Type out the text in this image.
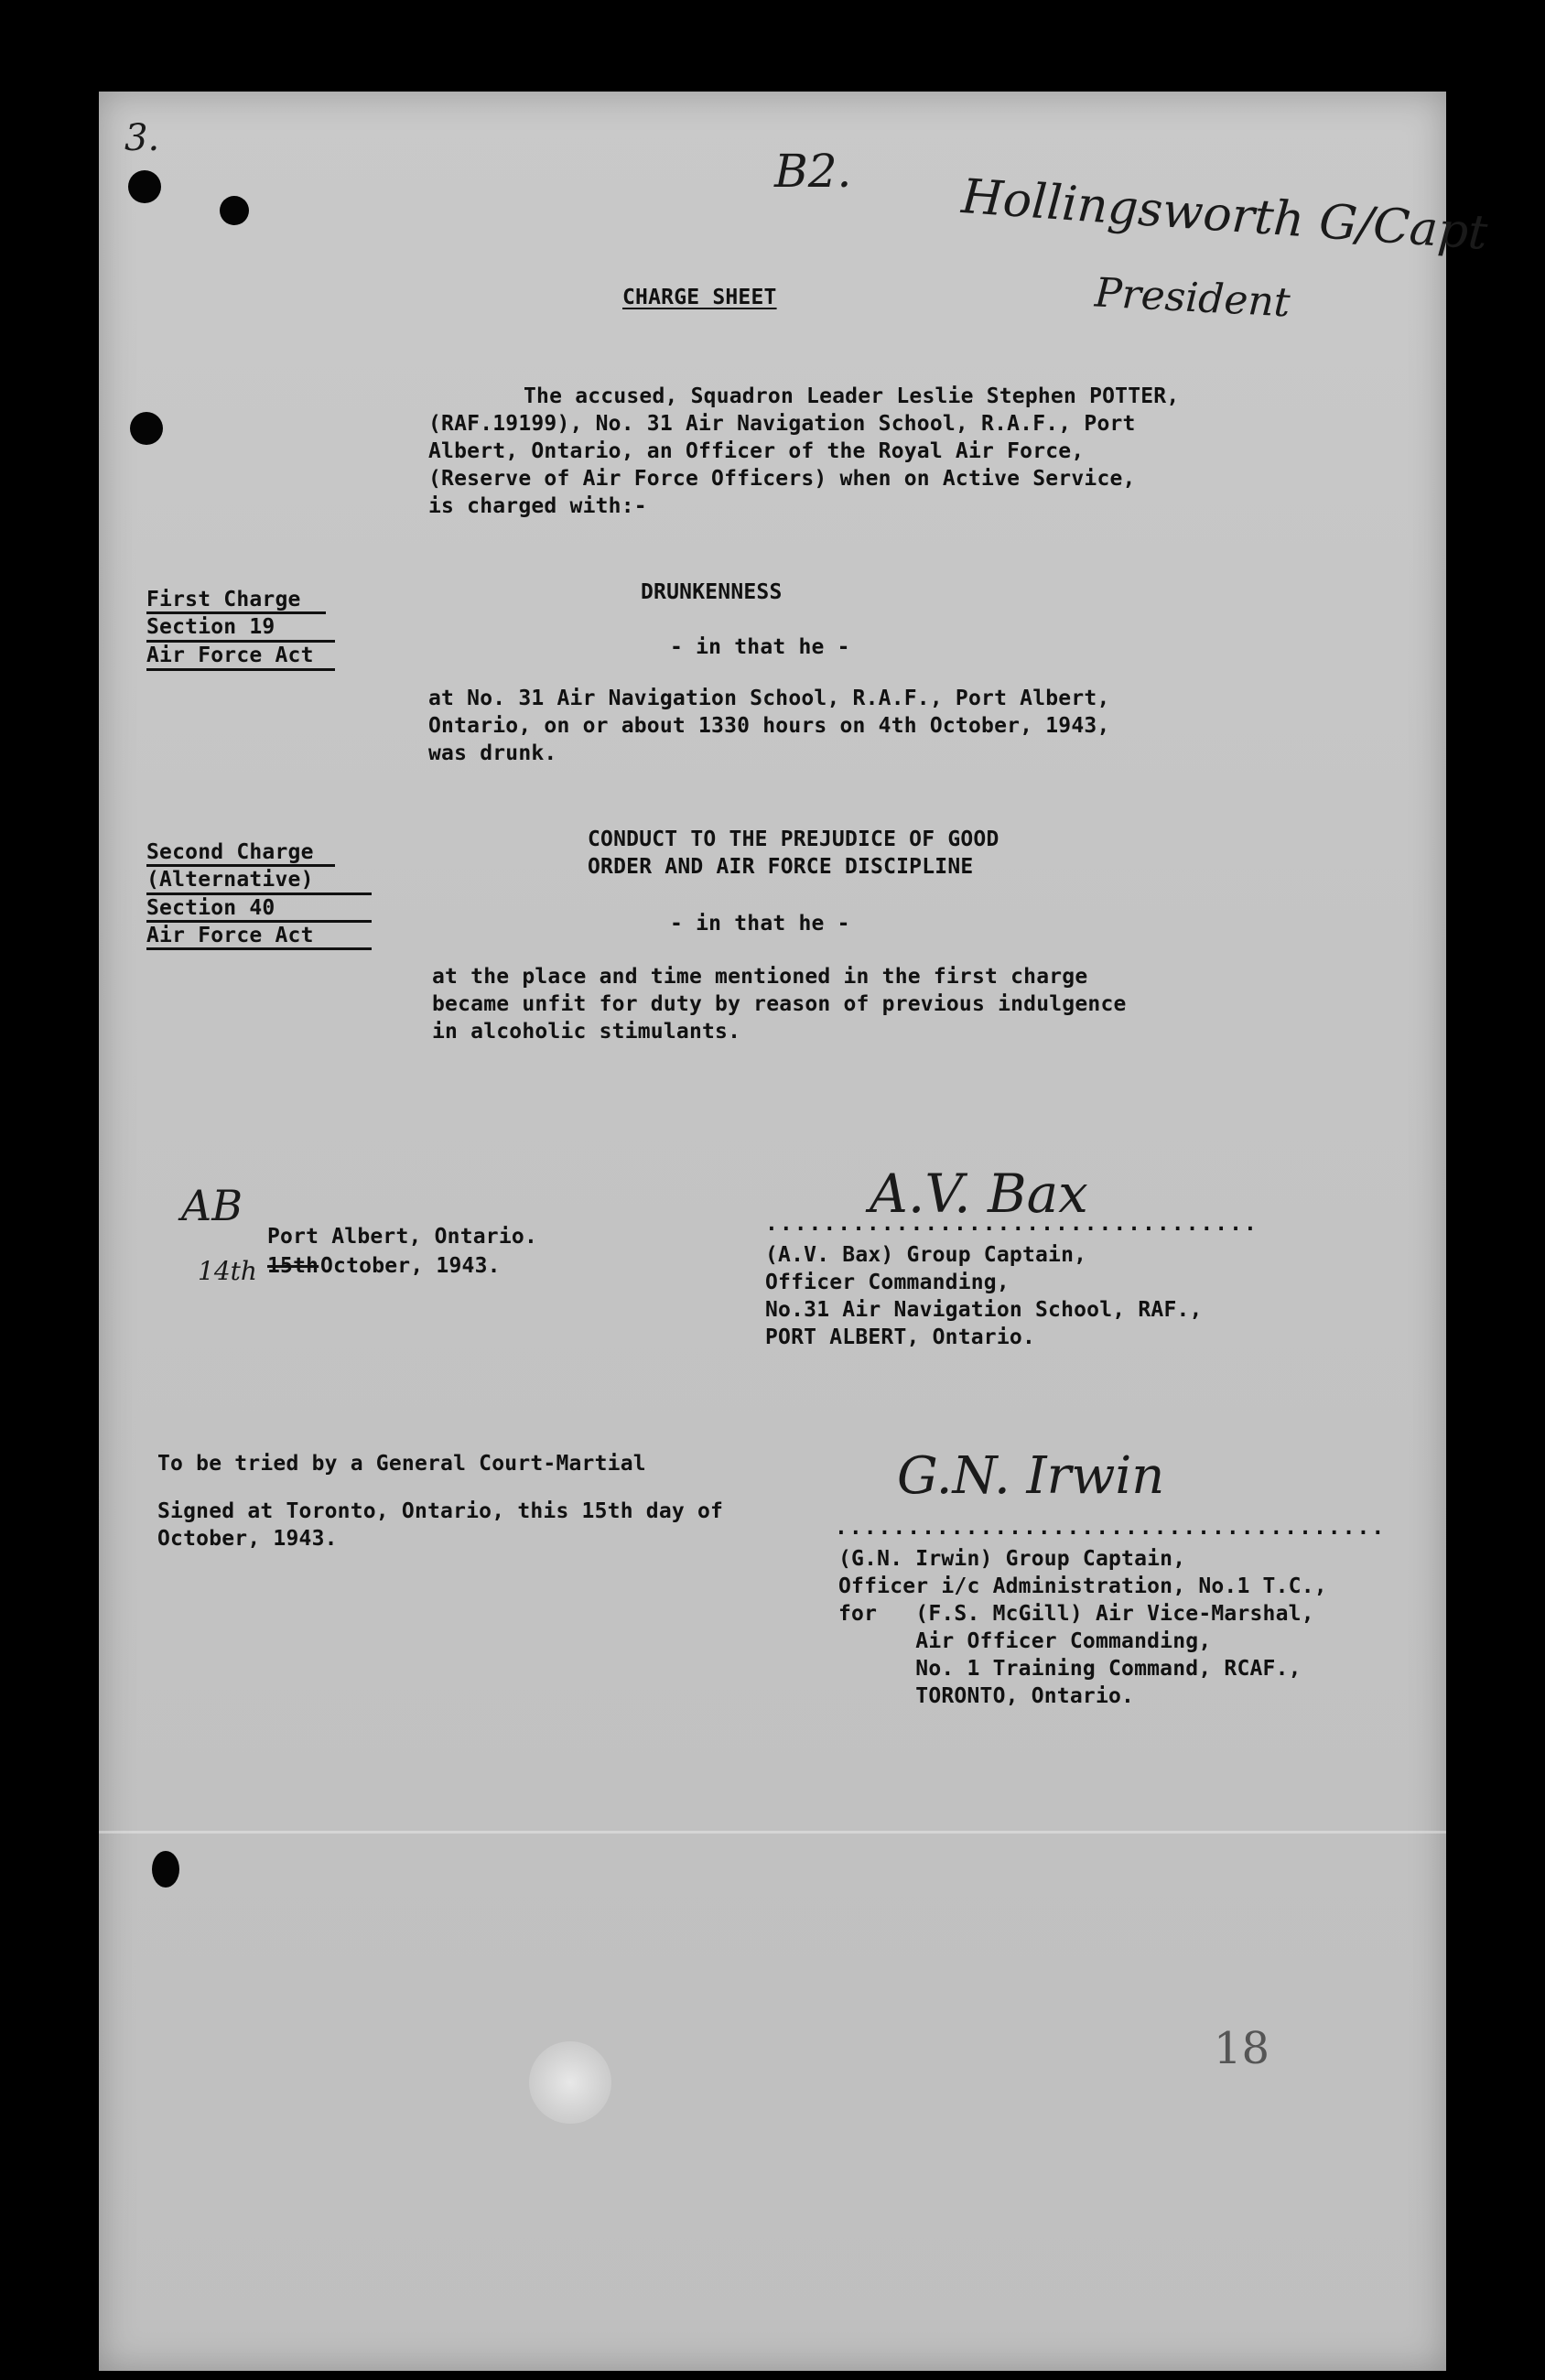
3.
B2. Hollingsworth G/Capt
President
CHARGE SHEET
The accused, Squadron Leader Leslie Stephen POTTER,
(RAF.19199), No. 31 Air Navigation School, R.A.F., Port
Albert, Ontario, an Officer of the Royal Air Force,
(Reserve of Air Force Officers) when on Active Service,
is charged with:-
First Charge
Section 19
Air Force Act
DRUNKENNESS
- in that he -
at No. 31 Air Navigation School, R.A.F., Port Albert,
Ontario, on or about 1330 hours on 4th October, 1943,
was drunk.
Second Charge
(Alternative)
Section 40
Air Force Act
CONDUCT TO THE PREJUDICE OF GOOD
ORDER AND AIR FORCE DISCIPLINE
- in that he -
at the place and time mentioned in the first charge
became unfit for duty by reason of previous indulgence
in alcoholic stimulants.
AB
Port Albert, Ontario.
14th 15th October, 1943.
A.V. Bax
..................................
(A.V. Bax) Group Captain,
Officer Commanding,
No.31 Air Navigation School, RAF.,
PORT ALBERT, Ontario.
To be tried by a General Court-Martial
Signed at Toronto, Ontario, this 15th day of
October, 1943.
G.N. Irwin
......................................
(G.N. Irwin) Group Captain,
Officer i/c Administration, No.1 T.C.,
for   (F.S. McGill) Air Vice-Marshal,
Air Officer Commanding,
No. 1 Training Command, RCAF.,
TORONTO, Ontario.
18
